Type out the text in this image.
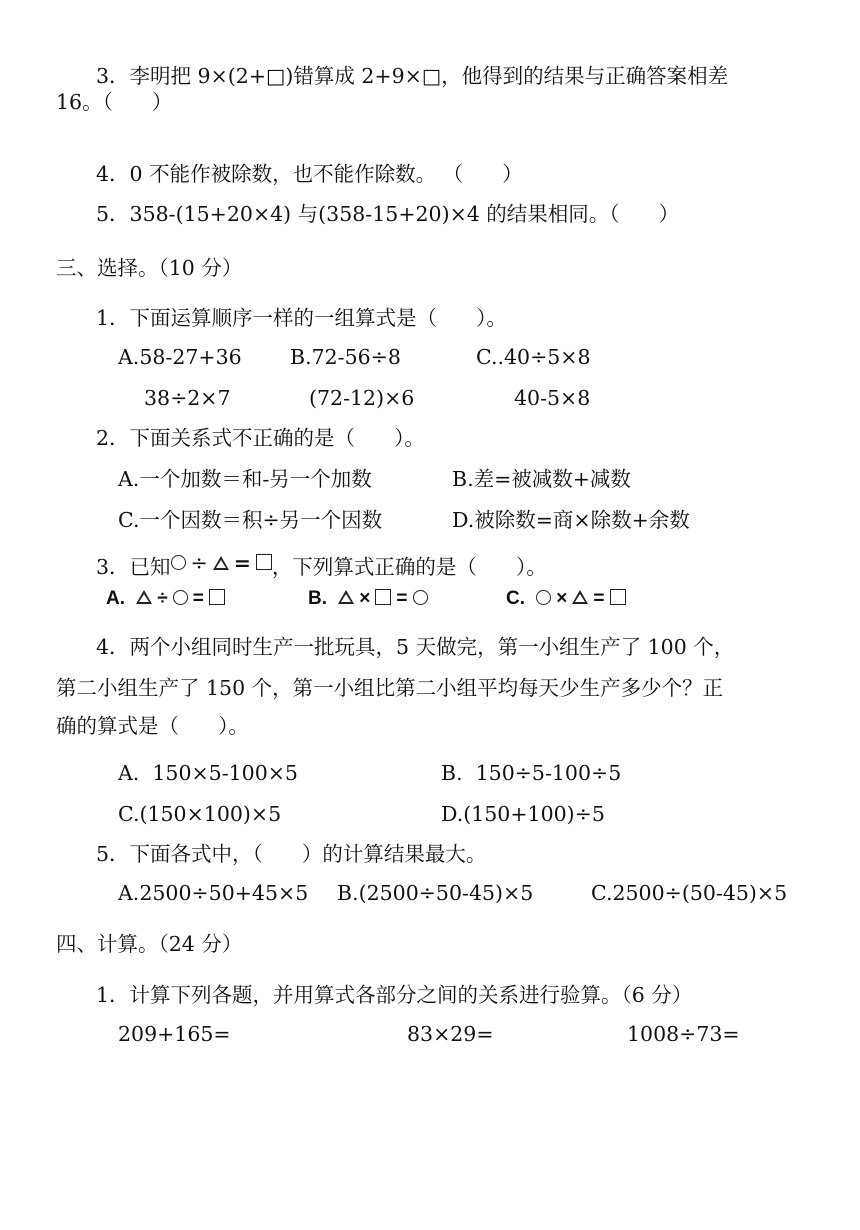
3．李明把 9×(2+□)错算成 2+9×□，他得到的结果与正确答案相差
16。（      ）
4．0 不能作被除数，也不能作除数。 （      ）
5．358-(15+20×4) 与(358-15+20)×4 的结果相同。（      ）
三、选择。（10 分）
1．下面运算顺序一样的一组算式是（      ）。
A.58-27+36 B.72-56÷8	C..40÷5×8
38÷2×7	(72-12)×6	40-5×8
2．下面关系式不正确的是（      ）。
A.一个加数＝和-另一个加数	B.差=被减数+减数
C.一个因数＝积÷另一个因数	D.被除数=商×除数+余数
3．已知 ÷ = ，下列算式正确的是（      ）。
A. ÷ =	B. × =	C. × =
4．两个小组同时生产一批玩具，5 天做完，第一小组生产了 100 个，
第二小组生产了 150 个，第一小组比第二小组平均每天少生产多少个？正
确的算式是（      ）。
A.  150×5-100×5	B.  150÷5-100÷5
C.(150×100)×5	D.(150+100)÷5
5．下面各式中，（      ）的计算结果最大。
A.2500÷50+45×5 B.(2500÷50-45)×5	C.2500÷(50-45)×5
四、计算。（24 分）
1．计算下列各题，并用算式各部分之间的关系进行验算。（6 分）
209+165=	83×29=	1008÷73=
